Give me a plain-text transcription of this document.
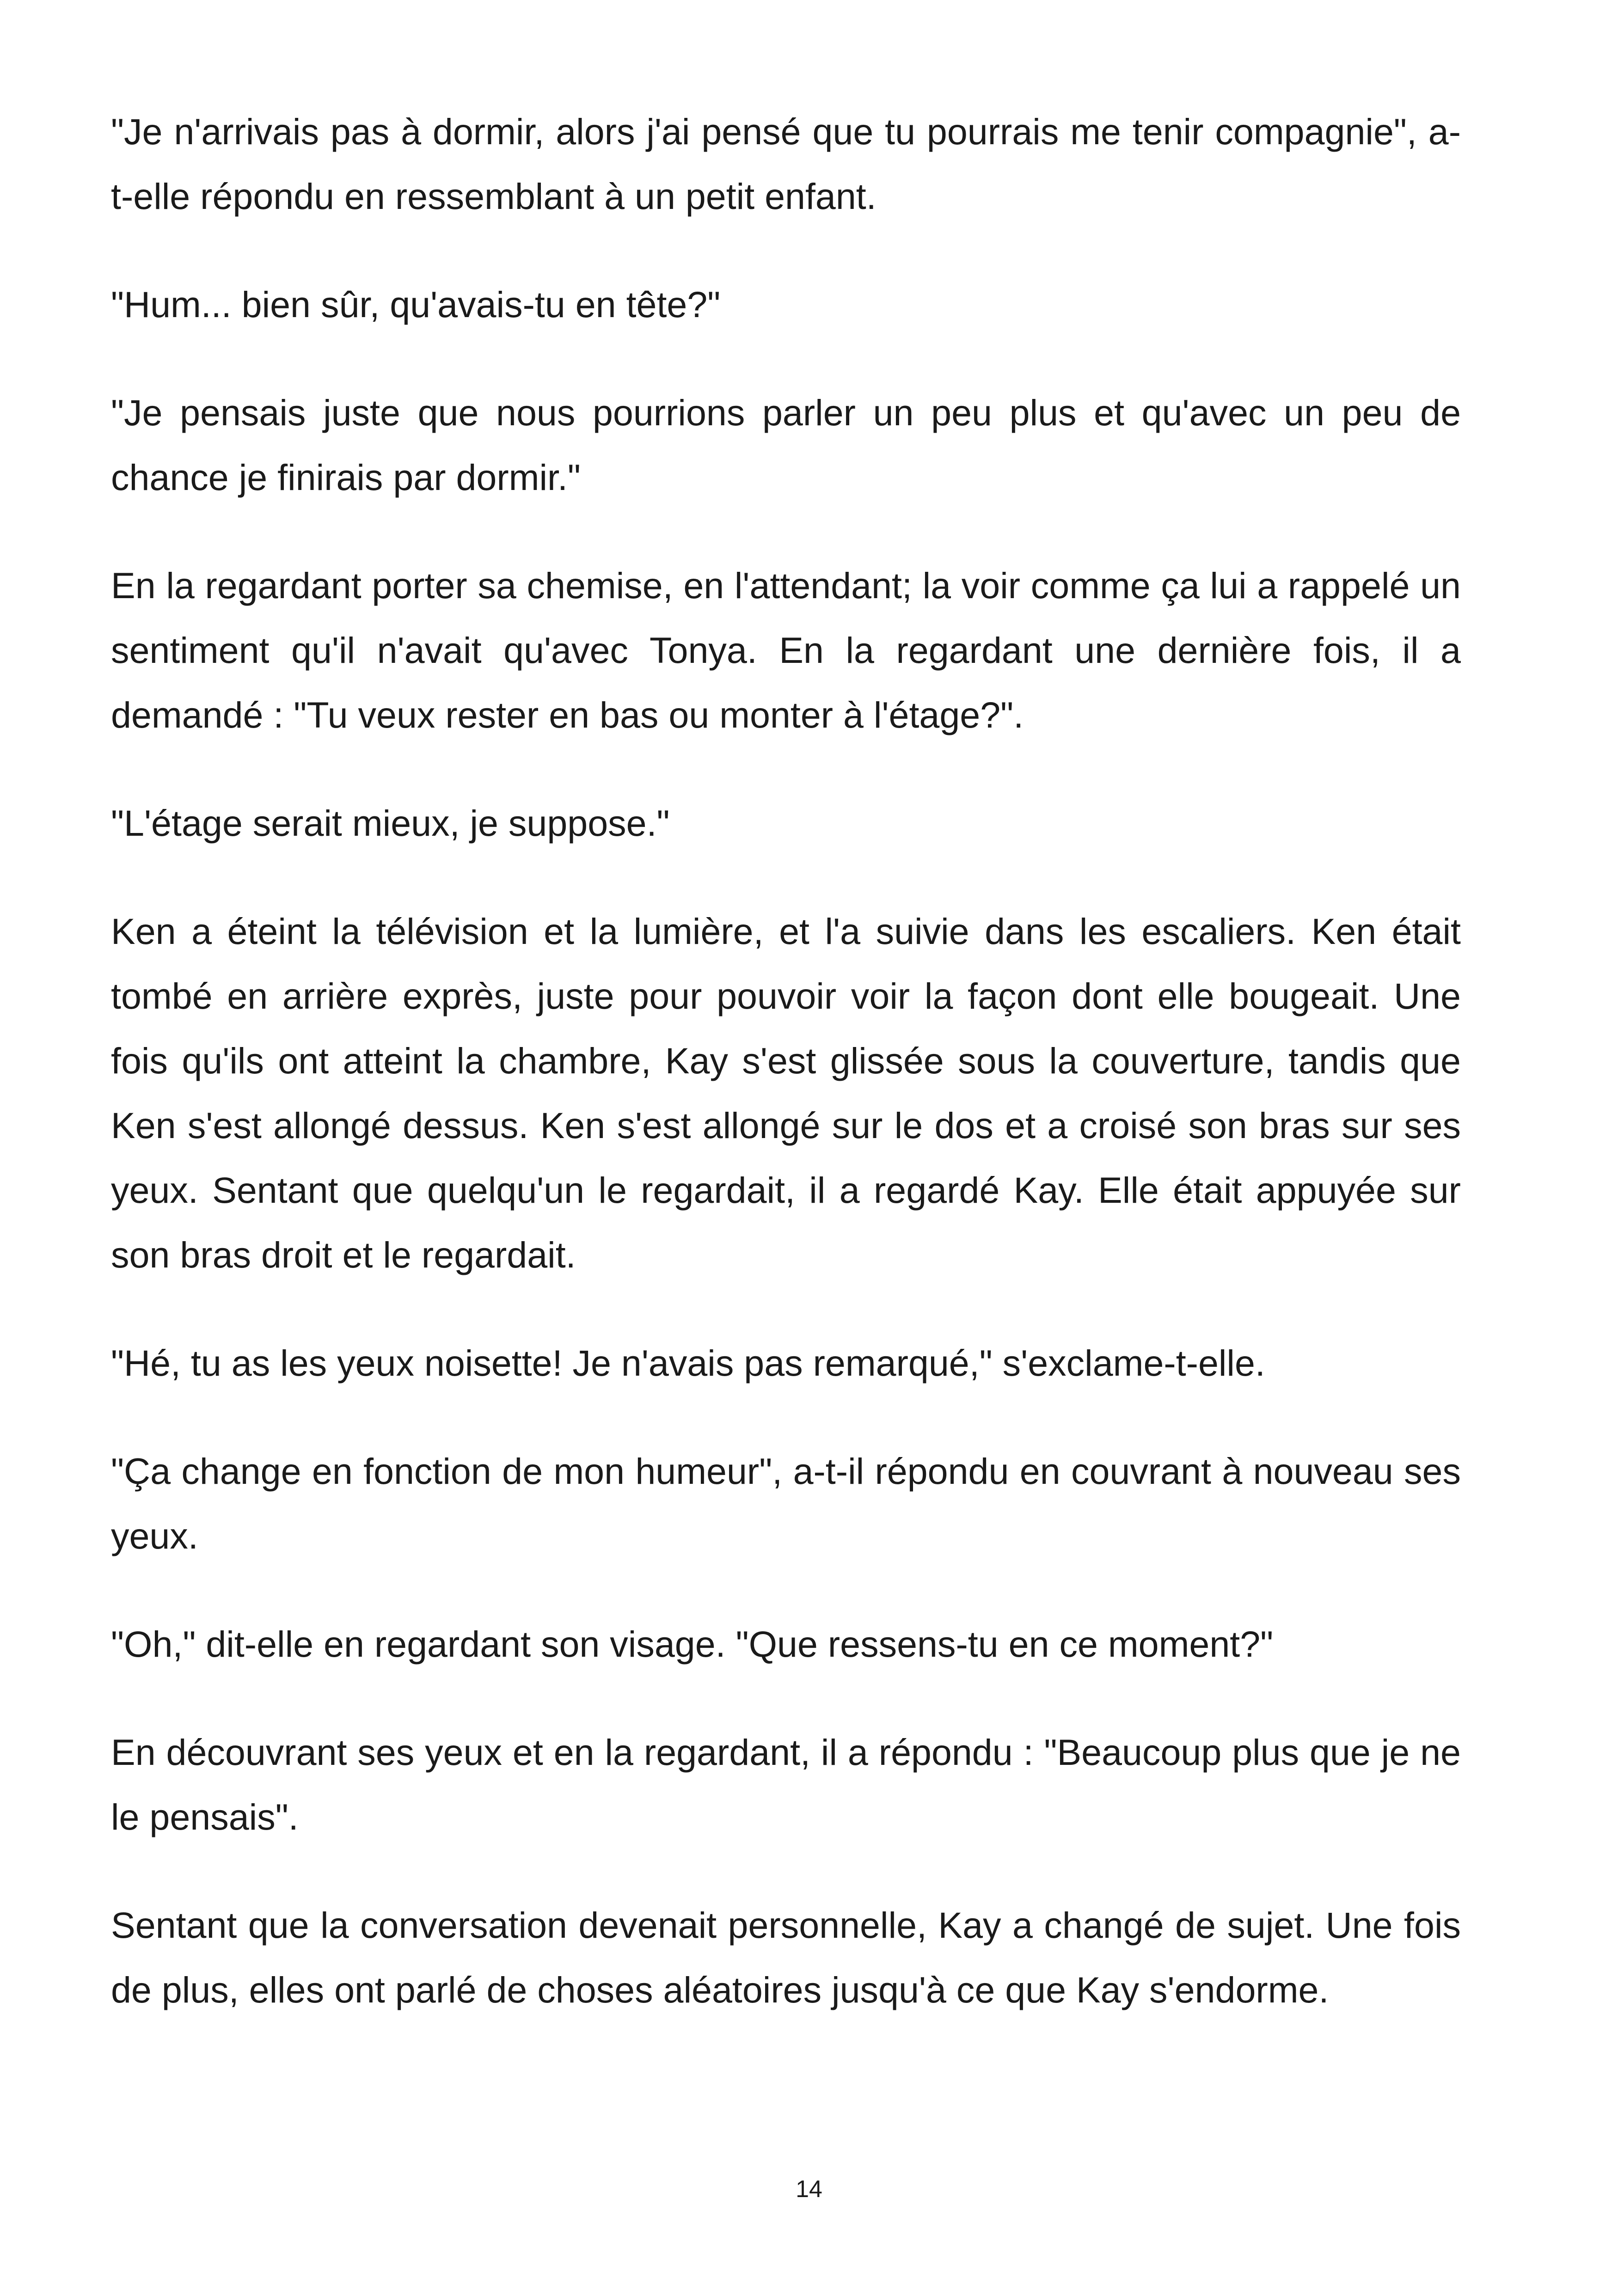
"Je n'arrivais pas à dormir, alors j'ai pensé que tu pourrais me tenir compagnie", a-t-elle répondu en ressemblant à un petit enfant.

"Hum... bien sûr, qu'avais-tu en tête?"

"Je pensais juste que nous pourrions parler un peu plus et qu'avec un peu de chance je finirais par dormir."

En la regardant porter sa chemise, en l'attendant; la voir comme ça lui a rappelé un sentiment qu'il n'avait qu'avec Tonya. En la regardant une dernière fois, il a demandé : "Tu veux rester en bas ou monter à l'étage?".

"L'étage serait mieux, je suppose."

Ken a éteint la télévision et la lumière, et l'a suivie dans les escaliers. Ken était tombé en arrière exprès, juste pour pouvoir voir la façon dont elle bougeait. Une fois qu'ils ont atteint la chambre, Kay s'est glissée sous la couverture, tandis que Ken s'est allongé dessus. Ken s'est allongé sur le dos et a croisé son bras sur ses yeux. Sentant que quelqu'un le regardait, il a regardé Kay. Elle était appuyée sur son bras droit et le regardait.

"Hé, tu as les yeux noisette! Je n'avais pas remarqué," s'exclame-t-elle.

"Ça change en fonction de mon humeur", a-t-il répondu en couvrant à nouveau ses yeux.

"Oh," dit-elle en regardant son visage. "Que ressens-tu en ce moment?"

En découvrant ses yeux et en la regardant, il a répondu : "Beaucoup plus que je ne le pensais".

Sentant que la conversation devenait personnelle, Kay a changé de sujet. Une fois de plus, elles ont parlé de choses aléatoires jusqu'à ce que Kay s'endorme.

14
